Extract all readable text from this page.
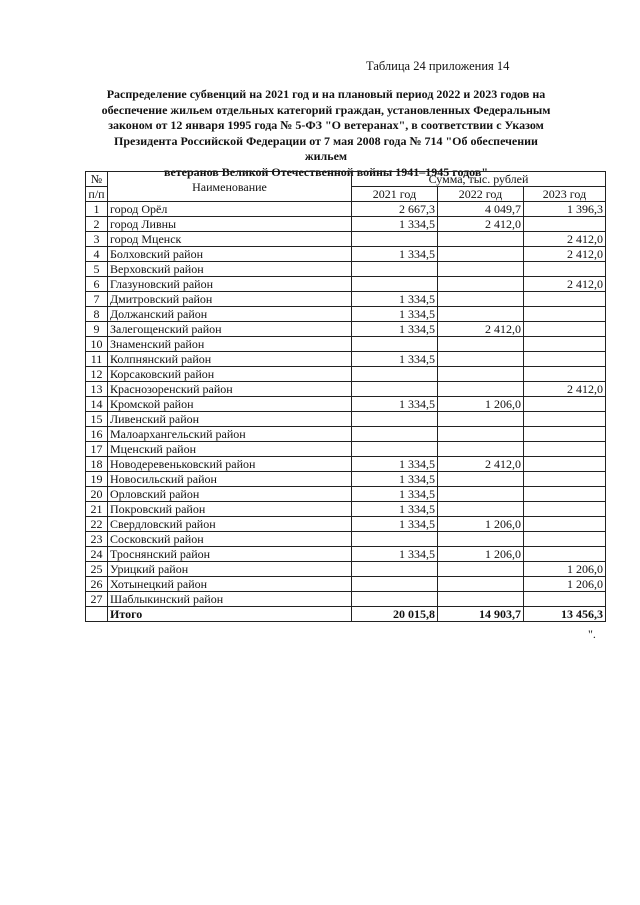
Таблица 24 приложения 14
Распределение субвенций на 2021 год и на плановый период 2022 и 2023 годов на
обеспечение жильем отдельных категорий граждан, установленных Федеральным
законом от 12 января 1995 года № 5-ФЗ "О ветеранах", в соответствии с Указом
Президента Российской Федерации от 7 мая 2008 года № 714 "Об обеспечении жильем
ветеранов Великой Отечественной войны 1941–1945 годов"
№	Наименование	Сумма, тыс. рублей		
п/п		2021 год	2022 год	2023 год
1	город Орёл	2 667,3	4 049,7	1 396,3
2	город Ливны	1 334,5	2 412,0	
3	город Мценск			2 412,0
4	Болховский район	1 334,5		2 412,0
5	Верховский район			
6	Глазуновский район			2 412,0
7	Дмитровский район	1 334,5		
8	Должанский район	1 334,5		
9	Залегощенский район	1 334,5	2 412,0	
10	Знаменский район			
11	Колпнянский район	1 334,5		
12	Корсаковский район			
13	Краснозоренский район			2 412,0
14	Кромской район	1 334,5	1 206,0	
15	Ливенский район			
16	Малоархангельский район			
17	Мценский район			
18	Новодеревеньковский район	1 334,5	2 412,0	
19	Новосильский район	1 334,5		
20	Орловский район	1 334,5		
21	Покровский район	1 334,5		
22	Свердловский район	1 334,5	1 206,0	
23	Сосковский район			
24	Троснянский район	1 334,5	1 206,0	
25	Урицкий район			1 206,0
26	Хотынецкий район			1 206,0
27	Шаблыкинский район			
	Итого	20 015,8	14 903,7	13 456,3
".
